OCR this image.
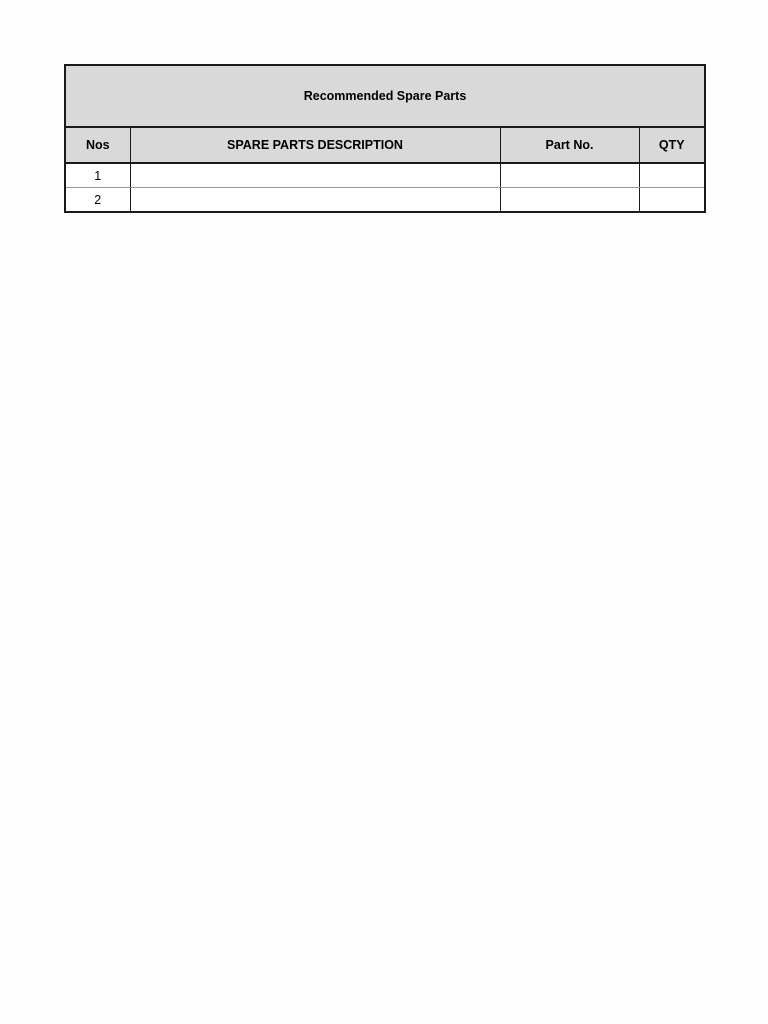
Recommended Spare Parts			
Nos	SPARE PARTS DESCRIPTION	Part No.	QTY
1			
2			
